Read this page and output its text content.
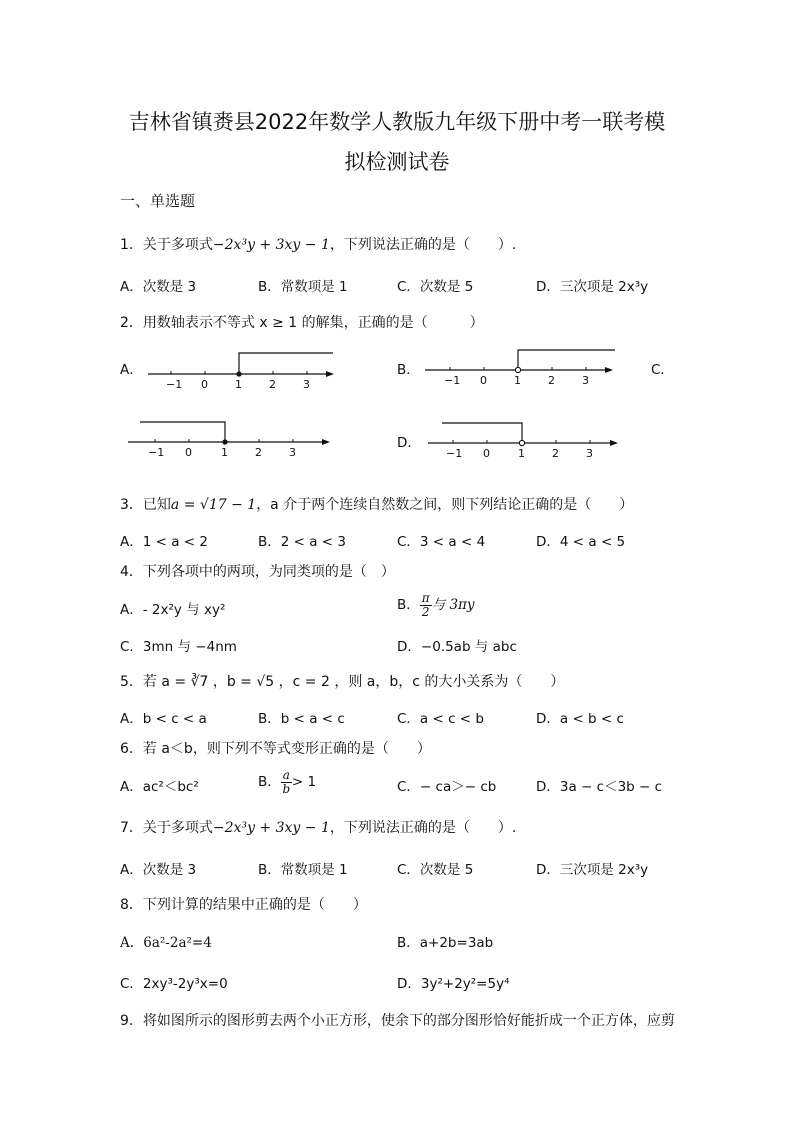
吉林省镇赉县2022年数学人教版九年级下册中考一联考模
拟检测试卷
一、单选题
1．关于多项式−2x³y + 3xy − 1，下列说法正确的是（　　）.
A．次数是 3	B．常数项是 1	C．次数是 5	D．三次项是 2x³y
2．用数轴表示不等式 x ≥ 1 的解集，正确的是（　　　）
A．
−1 0 1 2 3
B．
−1 0 1 2 3
C．
−1 0	1 2 3
D．
−1 0	1 2 3
3．已知a = √17 − 1，a 介于两个连续自然数之间，则下列结论正确的是（　　）
A．1 < a < 2	B．2 < a < 3	C．3 < a < 4	D．4 < a < 5
4．下列各项中的两项，为同类项的是（　）
A．- 2x²y 与 xy²	B． $\frac{\pi}{2}$ 与 3πy
C．3mn 与 −4nm	D．−0.5ab 与 abc
5．若 a = ∛7 ，b = √5 ，c = 2 ，则 a，b，c 的大小关系为（　　）
A．b < c < a	B．b < a < c	C．a < c < b	D．a < b < c
6．若 a＜b，则下列不等式变形正确的是（　　）
A．ac²＜bc²	B． $\frac{a}{b} > 1$	C．− ca＞− cb	D．3a − c＜3b − c
7．关于多项式−2x³y + 3xy − 1，下列说法正确的是（　　）.
A．次数是 3	B．常数项是 1	C．次数是 5	D．三次项是 2x³y
8．下列计算的结果中正确的是（　　）
A．6a²-2a²=4	B．a+2b=3ab
C．2xy³-2y³x=0	D．3y²+2y²=5y⁴
9．将如图所示的图形剪去两个小正方形，使余下的部分图形恰好能折成一个正方体，应剪
